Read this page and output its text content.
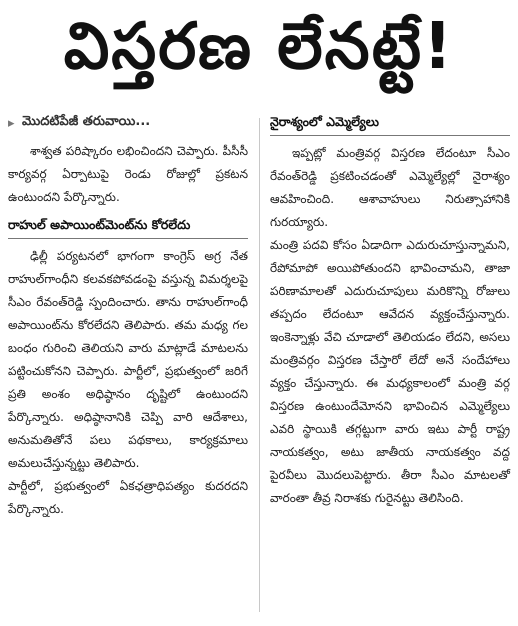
విస్తరణ లేనట్టే!
▸ మొదటిపేజీ తరువాయి...

శాశ్వత పరిష్కారం లభించిందని చెప్పారు. పీసీసీ కార్యవర్గ ఏర్పాటుపై రెండు రోజుల్లో ప్రకటన ఉంటుందని పేర్కొన్నారు.

రాహుల్ అపాయింట్‌మెంట్‌ను కోరలేదు

ఢిల్లీ పర్యటనలో భాగంగా కాంగ్రెస్ అగ్ర నేత రాహుల్‌గాంధీని కలవకపోవడంపై వస్తున్న విమర్శలపై సీఎం రేవంత్‌రెడ్డి స్పందించారు. తాను రాహుల్‌గాంధీ అపాయింట్‌ను కోరలేదని తెలిపారు. తమ మధ్య గల బంధం గురించి తెలియని వారు మాట్లాడే మాటలను పట్టించుకోనని చెప్పారు. పార్టీలో, ప్రభుత్వంలో జరిగే ప్రతి అంశం అధిష్ఠానం దృష్టిలో ఉంటుందని పేర్కొన్నారు. అధిష్ఠానానికి చెప్పి వారి ఆదేశాలు, అనుమతితోనే పలు పథకాలు, కార్యక్రమాలు అమలుచేస్తున్నట్టు తెలిపారు.

పార్టీలో, ప్రభుత్వంలో ఏకఛత్రాధిపత్యం కుదరదని పేర్కొన్నారు.

నైరాశ్యంలో ఎమ్మెల్యేలు

ఇప్పట్లో మంత్రివర్గ విస్తరణ లేదంటూ సీఎం రేవంత్‌రెడ్డి ప్రకటించడంతో ఎమ్మెల్యేల్లో నైరాశ్యం ఆవహించింది. ఆశావాహులు నిరుత్సాహానికి గురయ్యారు.

మంత్రి పదవి కోసం ఏడాదిగా ఎదురుచూస్తున్నామని, రేపోమాపో అయిపోతుందని భావించామని, తాజా పరిణామాలతో ఎదురుచూపులు మరికొన్ని రోజులు తప్పదం లేదంటూ ఆవేదన వ్యక్తంచేస్తున్నారు. ఇంకెన్నాళ్లు వేచి చూడాలో తెలియడం లేదని, అసలు మంత్రివర్గం విస్తరణ చేస్తారో లేదో అనే సందేహాలు వ్యక్తం చేస్తున్నారు. ఈ మధ్యకాలంలో మంత్రి వర్గ విస్తరణ ఉంటుందేమోనని భావించిన ఎమ్మెల్యేలు ఎవరి స్థాయికి తగ్గట్టుగా వారు ఇటు పార్టీ రాష్ట్ర నాయకత్వం, అటు జాతీయ నాయకత్వం వద్ద పైరవీలు మొదలుపెట్టారు. తీరా సీఎం మాటలతో వారంతా తీవ్ర నిరాశకు గురైనట్టు తెలిసింది.
